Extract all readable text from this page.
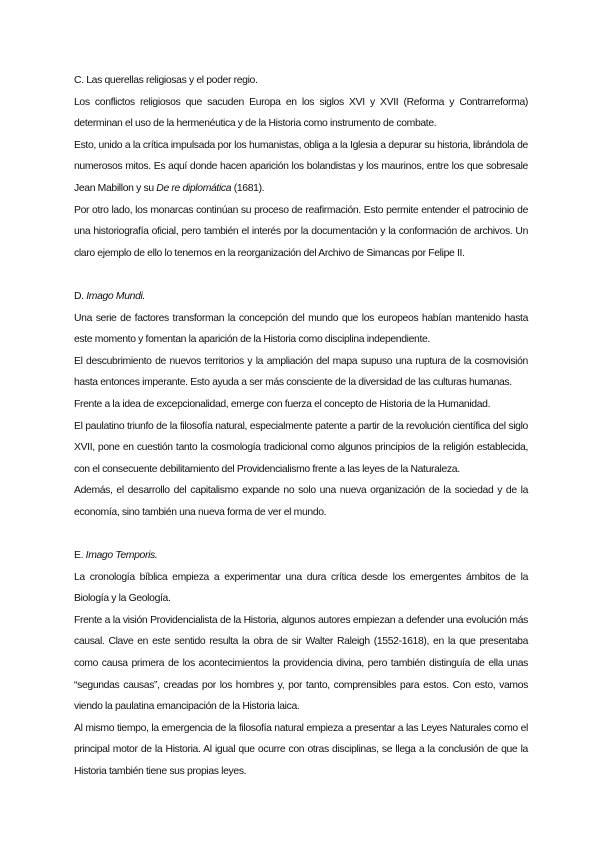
C. Las querellas religiosas y el poder regio.

Los conflictos religiosos que sacuden Europa en los siglos XVI y XVII (Reforma y Contrarreforma) determinan el uso de la hermenéutica y de la Historia como instrumento de combate.

Esto, unido a la crítica impulsada por los humanistas, obliga a la Iglesia a depurar su historia, librándola de numerosos mitos. Es aquí donde hacen aparición los bolandistas y los maurinos, entre los que sobresale Jean Mabillon y su De re diplomática (1681).

Por otro lado, los monarcas continúan su proceso de reafirmación. Esto permite entender el patrocinio de una historiografía oficial, pero también el interés por la documentación y la conformación de archivos. Un claro ejemplo de ello lo tenemos en la reorganización del Archivo de Simancas por Felipe II.

D. Imago Mundi.

Una serie de factores transforman la concepción del mundo que los europeos habían mantenido hasta este momento y fomentan la aparición de la Historia como disciplina independiente.

El descubrimiento de nuevos territorios y la ampliación del mapa supuso una ruptura de la cosmovisión hasta entonces imperante. Esto ayuda a ser más consciente de la diversidad de las culturas humanas.

Frente a la idea de excepcionalidad, emerge con fuerza el concepto de Historia de la Humanidad.

El paulatino triunfo de la filosofía natural, especialmente patente a partir de la revolución científica del siglo XVII, pone en cuestión tanto la cosmología tradicional como algunos principios de la religión establecida, con el consecuente debilitamiento del Providencialismo frente a las leyes de la Naturaleza.

Además, el desarrollo del capitalismo expande no solo una nueva organización de la sociedad y de la economía, sino también una nueva forma de ver el mundo.

E. Imago Temporis.

La cronología bíblica empieza a experimentar una dura crítica desde los emergentes ámbitos de la Biología y la Geología.

Frente a la visión Providencialista de la Historia, algunos autores empiezan a defender una evolución más causal. Clave en este sentido resulta la obra de sir Walter Raleigh (1552-1618), en la que presentaba como causa primera de los acontecimientos la providencia divina, pero también distinguía de ella unas “segundas causas”, creadas por los hombres y, por tanto, comprensibles para estos. Con esto, vamos viendo la paulatina emancipación de la Historia laica.

Al mismo tiempo, la emergencia de la filosofía natural empieza a presentar a las Leyes Naturales como el principal motor de la Historia. Al igual que ocurre con otras disciplinas, se llega a la conclusión de que la Historia también tiene sus propias leyes.
